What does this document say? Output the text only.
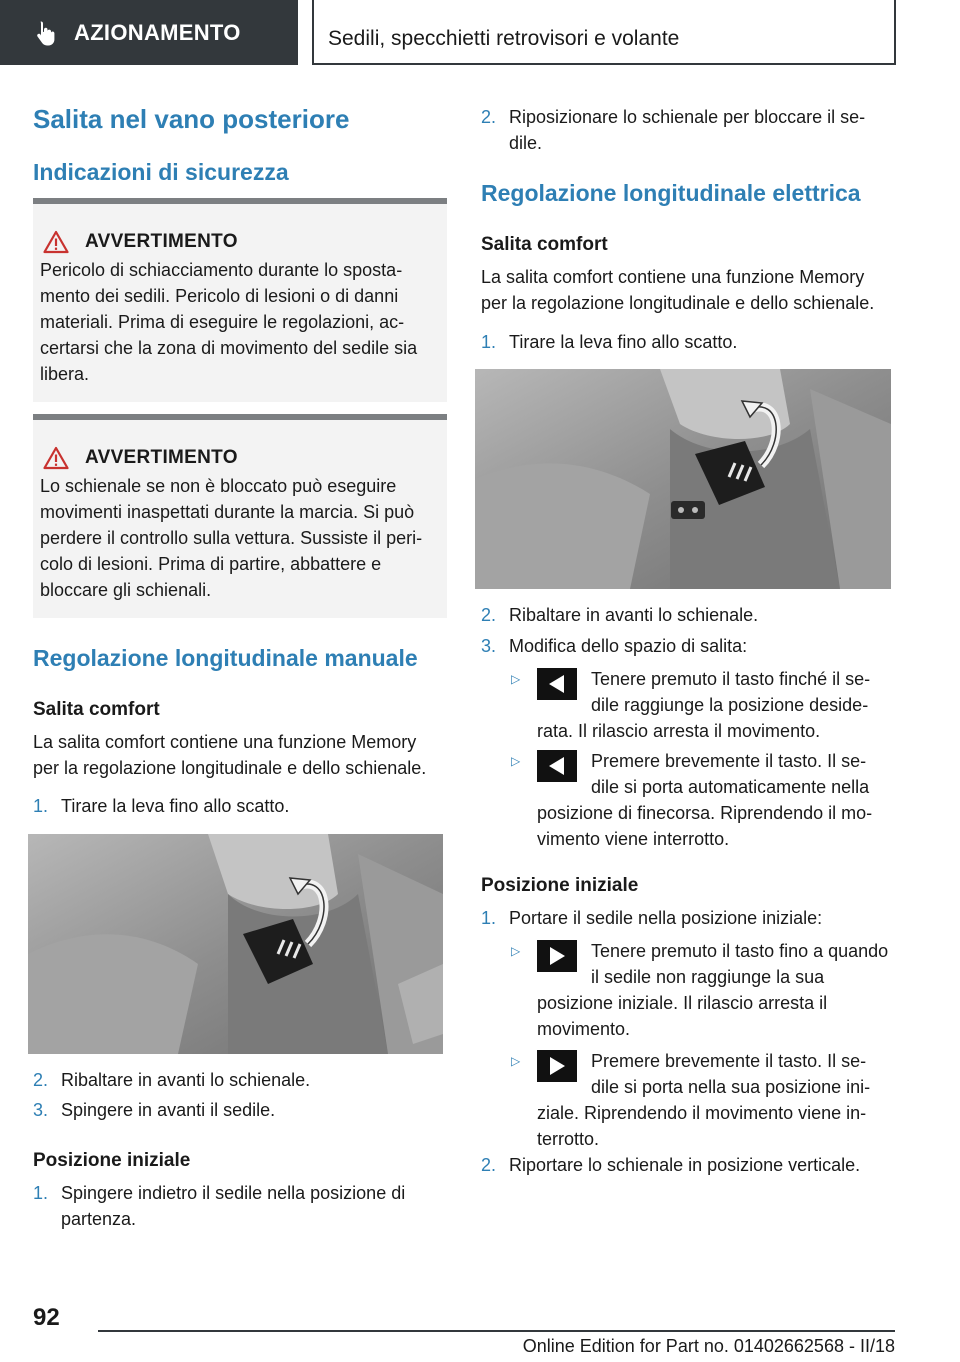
AZIONAMENTO	Sedili, specchietti retrovisori e volante
Salita nel vano posteriore
Indicazioni di sicurezza
AVVERTIMENTO
Pericolo di schiacciamento durante lo sposta-mento dei sedili. Pericolo di lesioni o di danni materiali. Prima di eseguire le regolazioni, ac-certarsi che la zona di movimento del sedile sia libera.
AVVERTIMENTO
Lo schienale se non è bloccato può eseguire movimenti inaspettati durante la marcia. Si può perdere il controllo sulla vettura. Sussiste il peri-colo di lesioni. Prima di partire, abbattere e bloccare gli schienali.
Regolazione longitudinale manuale
Salita comfort
La salita comfort contiene una funzione Memory per la regolazione longitudinale e dello schienale.
1. Tirare la leva fino allo scatto.
2. Ribaltare in avanti lo schienale.
3. Spingere in avanti il sedile.
Posizione iniziale
1. Spingere indietro il sedile nella posizione di partenza.
2. Riposizionare lo schienale per bloccare il se-dile.
Regolazione longitudinale elettrica
Salita comfort
La salita comfort contiene una funzione Memory per la regolazione longitudinale e dello schienale.
1. Tirare la leva fino allo scatto.
2. Ribaltare in avanti lo schienale.
3. Modifica dello spazio di salita:
▷	Tenere premuto il tasto finché il se-dile raggiunge la posizione deside-rata. Il rilascio arresta il movimento.
▷	Premere brevemente il tasto. Il se-dile si porta automaticamente nella posizione di finecorsa. Riprendendo il mo-vimento viene interrotto.
Posizione iniziale
1. Portare il sedile nella posizione iniziale:
▷	Tenere premuto il tasto fino a quando il sedile non raggiunge la sua posizione iniziale. Il rilascio arresta il movimento.
▷	Premere brevemente il tasto. Il se-dile si porta nella sua posizione ini-ziale. Riprendendo il movimento viene in-terrotto.
2. Riportare lo schienale in posizione verticale.
92
Online Edition for Part no. 01402662568 - II/18
